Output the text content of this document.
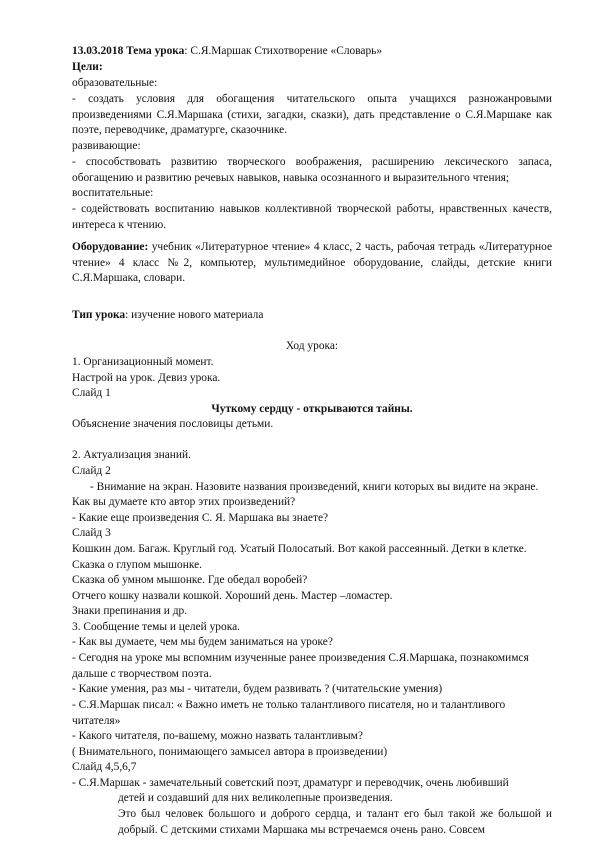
13.03.2018 Тема урока: С.Я.Маршак Стихотворение «Словарь»

Цели:

образовательные:

- создать условия для обогащения читательского опыта учащихся разножанровыми произведениями С.Я.Маршака (стихи, загадки, сказки), дать представление о С.Я.Маршаке как поэте, переводчике, драматурге, сказочнике.

развивающие:

- способствовать развитию творческого воображения, расширению лексического запаса, обогащению и развитию речевых навыков, навыка осознанного и выразительного чтения;

воспитательные:

- содействовать воспитанию навыков коллективной творческой работы, нравственных качеств, интереса к чтению.

Оборудование: учебник «Литературное чтение» 4 класс, 2 часть, рабочая тетрадь «Литературное чтение» 4 класс №2, компьютер, мультимедийное оборудование, слайды, детские книги С.Я.Маршака, словари.

Тип урока: изучение нового материала

Ход урока:

1. Организационный момент.

Настрой на урок. Девиз урока.

Слайд 1

Чуткому сердцу - открываются тайны.

Объяснение значения пословицы детьми.

2. Актуализация знаний.

Слайд 2

- Внимание на экран. Назовите названия произведений, книги которых вы видите на экране.

Как вы думаете кто автор этих произведений?

- Какие еще произведения С. Я. Маршака вы знаете?

Слайд 3

Кошкин дом. Багаж. Круглый год. Усатый Полосатый. Вот какой рассеянный. Детки в клетке. Сказка о глупом мышонке.

Сказка об умном мышонке. Где обедал воробей?

Отчего кошку назвали кошкой. Хороший день. Мастер –ломастер.

Знаки препинания и др.

3. Сообщение темы и целей урока.

- Как вы думаете, чем мы будем заниматься на уроке?

- Сегодня на уроке мы вспомним изученные ранее произведения С.Я.Маршака, познакомимся дальше с творчеством поэта.

- Какие умения, раз мы - читатели, будем развивать ? (читательские умения)

- С.Я.Маршак писал: « Важно иметь не только талантливого писателя, но и талантливого читателя»

- Какого читателя, по-вашему, можно назвать талантливым?

( Внимательного, понимающего замысел автора в произведении)

Слайд 4,5,6,7

- С.Я.Маршак - замечательный советский поэт, драматург и переводчик, очень любивший

детей и создавший для них великолепные произведения.

Это был человек большого и доброго сердца, и талант его был такой же большой и добрый. С детскими стихами Маршака мы встречаемся очень рано. Совсем
